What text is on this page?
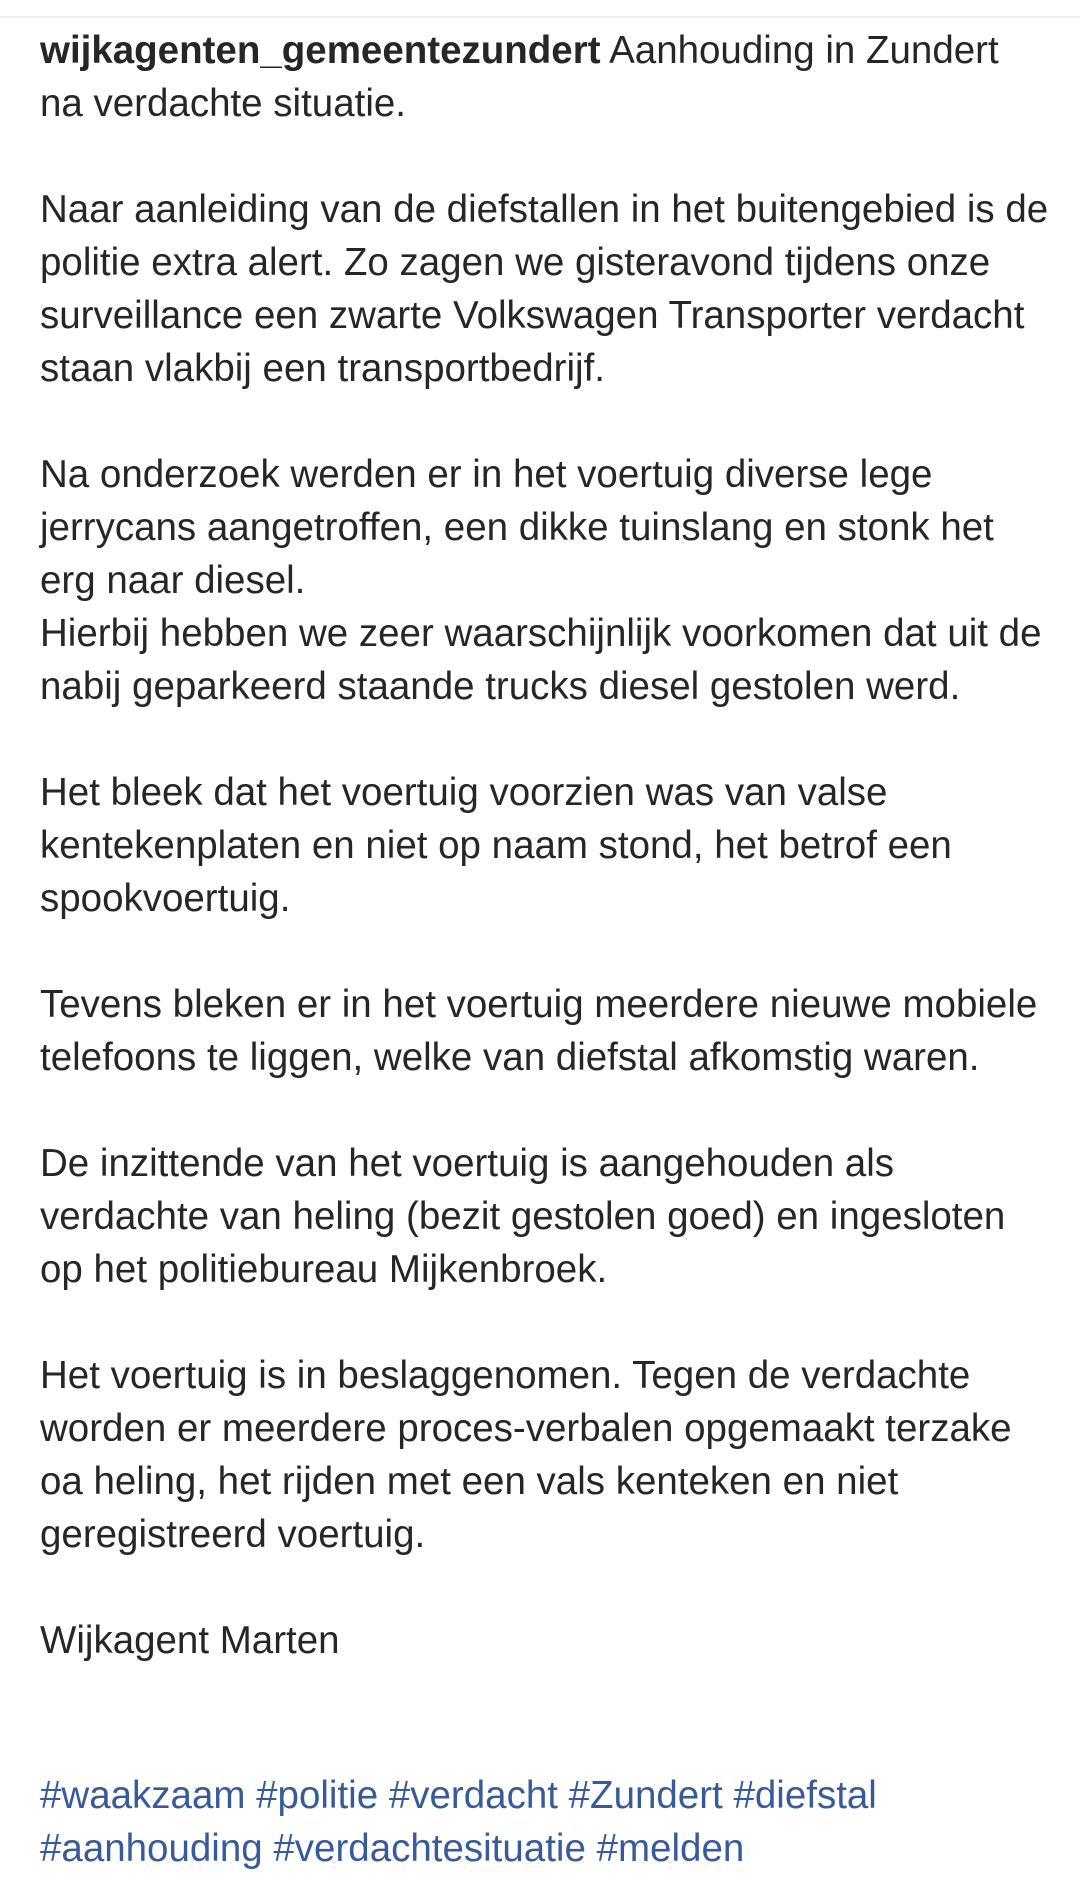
wijkagenten_gemeentezundert Aanhouding in Zundert na verdachte situatie.

Naar aanleiding van de diefstallen in het buitengebied is de politie extra alert. Zo zagen we gisteravond tijdens onze surveillance een zwarte Volkswagen Transporter verdacht staan vlakbij een transportbedrijf.

Na onderzoek werden er in het voertuig diverse lege jerrycans aangetroffen, een dikke tuinslang en stonk het erg naar diesel.

Hierbij hebben we zeer waarschijnlijk voorkomen dat uit de nabij geparkeerd staande trucks diesel gestolen werd.

Het bleek dat het voertuig voorzien was van valse kentekenplaten en niet op naam stond, het betrof een spookvoertuig.

Tevens bleken er in het voertuig meerdere nieuwe mobiele telefoons te liggen, welke van diefstal afkomstig waren.

De inzittende van het voertuig is aangehouden als verdachte van heling (bezit gestolen goed) en ingesloten op het politiebureau Mijkenbroek.

Het voertuig is in beslaggenomen. Tegen de verdachte worden er meerdere proces-verbalen opgemaakt terzake oa heling, het rijden met een vals kenteken en niet geregistreerd voertuig.

Wijkagent Marten

#waakzaam #politie #verdacht #Zundert #diefstal #aanhouding #verdachtesituatie #melden
